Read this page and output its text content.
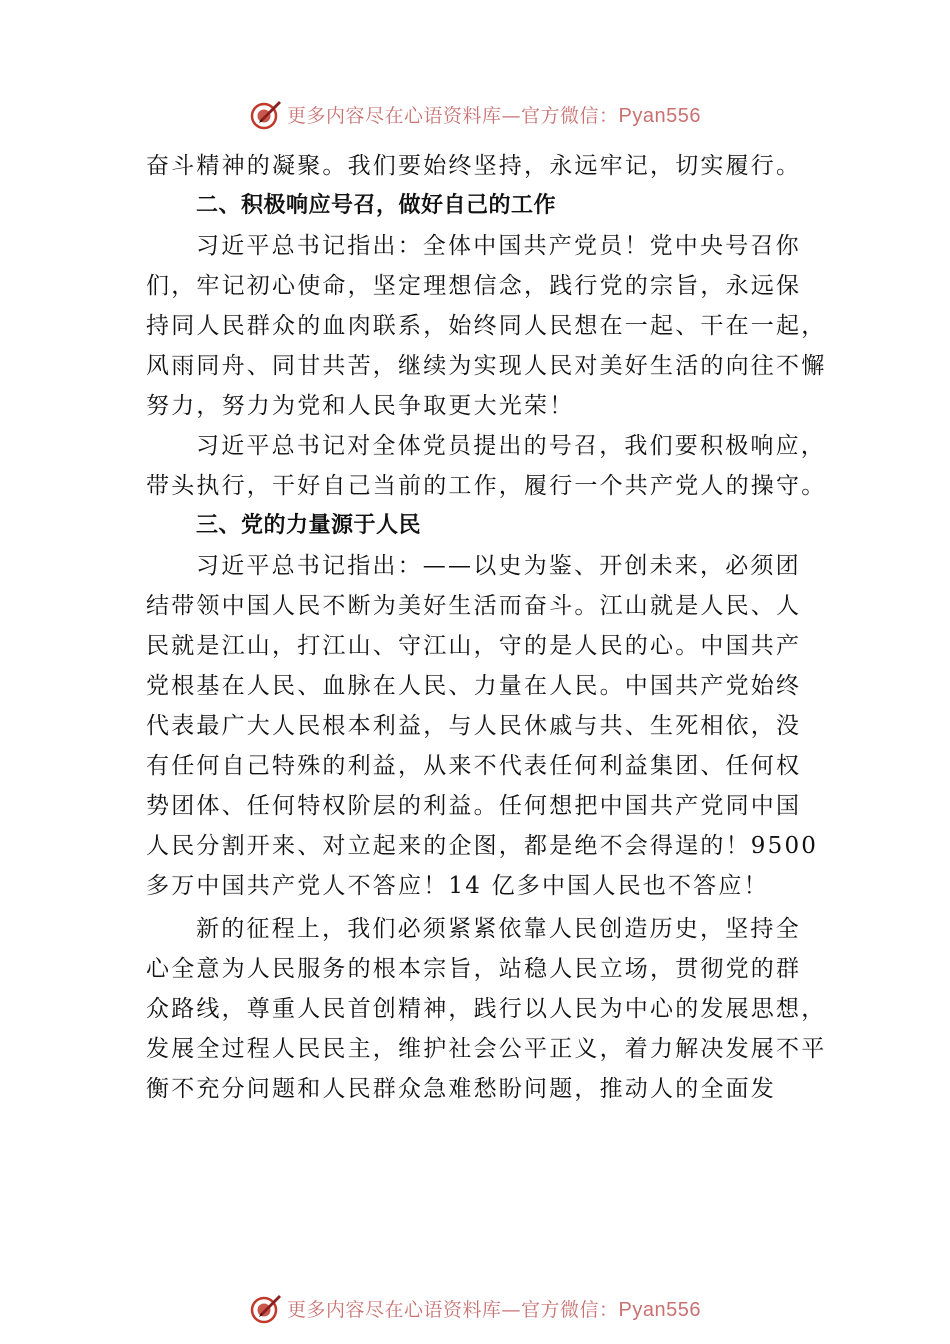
更多内容尽在心语资料库—官方微信：Pyan556
奋斗精神的凝聚。我们要始终坚持，永远牢记，切实履行。
二、积极响应号召，做好自己的工作
习近平总书记指出：全体中国共产党员！党中央号召你
们，牢记初心使命，坚定理想信念，践行党的宗旨，永远保
持同人民群众的血肉联系，始终同人民想在一起、干在一起，
风雨同舟、同甘共苦，继续为实现人民对美好生活的向往不懈
努力，努力为党和人民争取更大光荣！
习近平总书记对全体党员提出的号召，我们要积极响应，
带头执行，干好自己当前的工作，履行一个共产党人的操守。
三、党的力量源于人民
习近平总书记指出：——以史为鉴、开创未来，必须团
结带领中国人民不断为美好生活而奋斗。江山就是人民、人
民就是江山，打江山、守江山，守的是人民的心。中国共产
党根基在人民、血脉在人民、力量在人民。中国共产党始终
代表最广大人民根本利益，与人民休戚与共、生死相依，没
有任何自己特殊的利益，从来不代表任何利益集团、任何权
势团体、任何特权阶层的利益。任何想把中国共产党同中国
人民分割开来、对立起来的企图，都是绝不会得逞的！9500
多万中国共产党人不答应！14 亿多中国人民也不答应！
新的征程上，我们必须紧紧依靠人民创造历史，坚持全
心全意为人民服务的根本宗旨，站稳人民立场，贯彻党的群
众路线，尊重人民首创精神，践行以人民为中心的发展思想，
发展全过程人民民主，维护社会公平正义，着力解决发展不平
衡不充分问题和人民群众急难愁盼问题，推动人的全面发
更多内容尽在心语资料库—官方微信：Pyan556
